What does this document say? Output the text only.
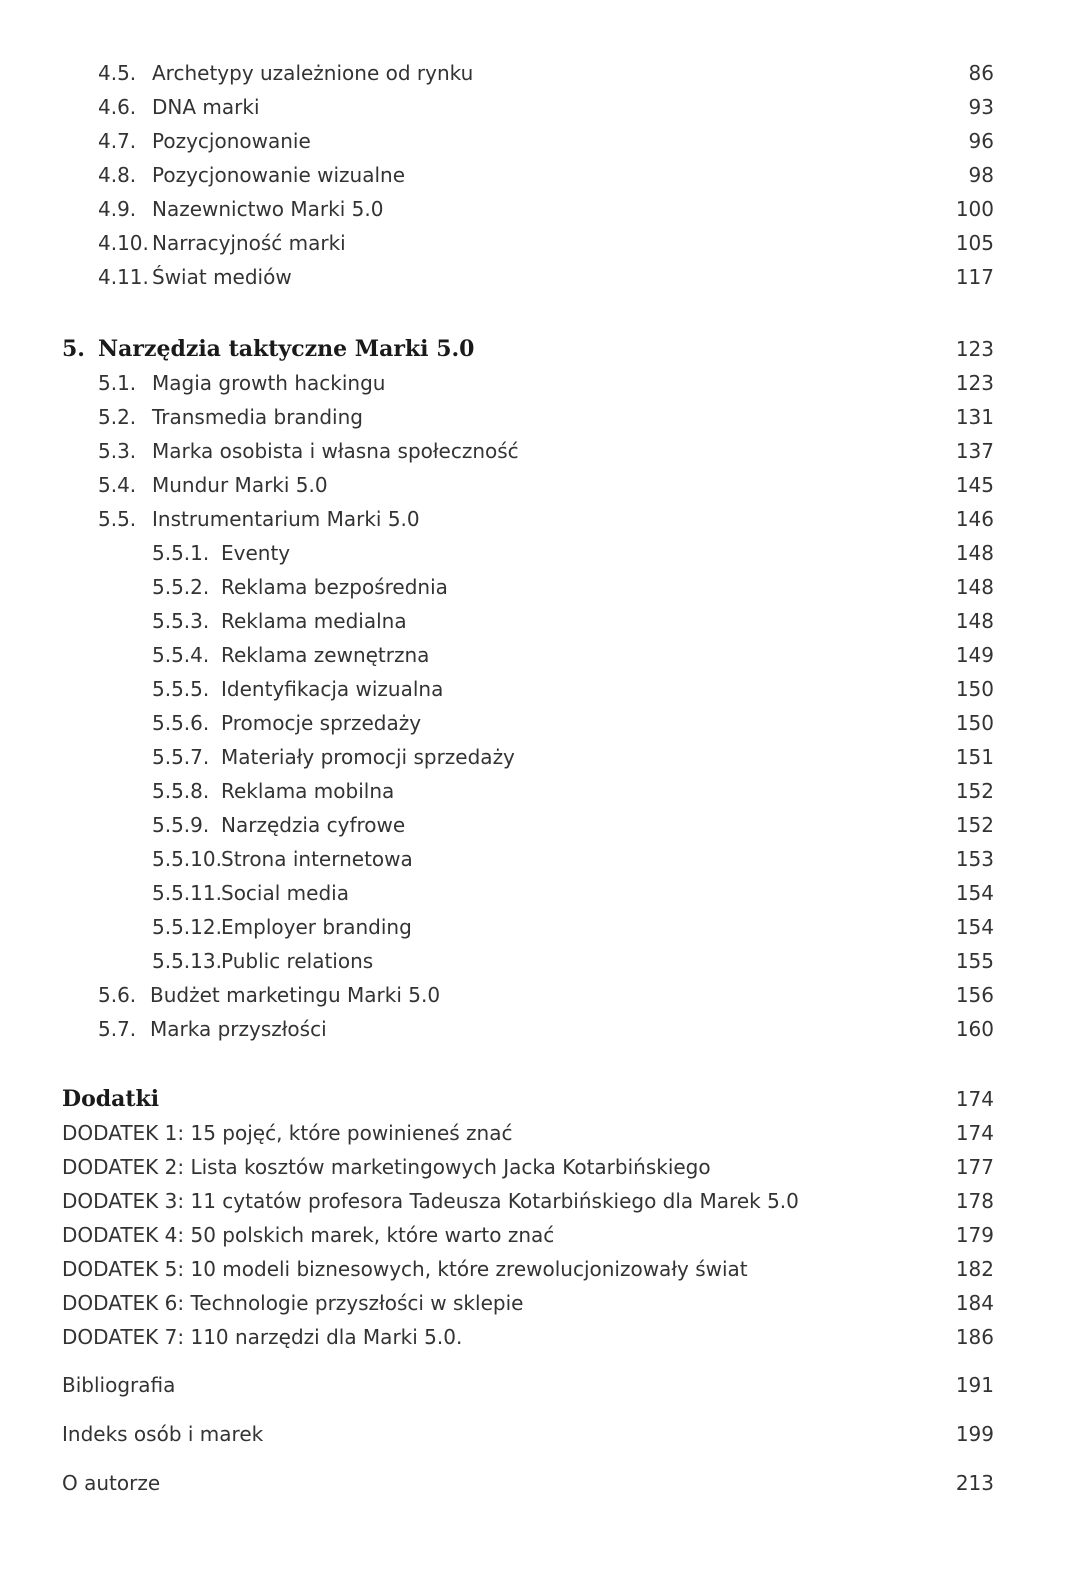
4.5. Archetypy uzależnione od rynku	86
4.6. DNA marki	93
4.7. Pozycjonowanie	96
4.8. Pozycjonowanie wizualne	98
4.9. Nazewnictwo Marki 5.0	100
4.10. Narracyjność marki	105
4.11. Świat mediów	117
5. Narzędzia taktyczne Marki 5.0	123
5.1. Magia growth hackingu	123
5.2. Transmedia branding	131
5.3. Marka osobista i własna społeczność	137
5.4. Mundur Marki 5.0	145
5.5. Instrumentarium Marki 5.0	146
5.5.1. Eventy	148
5.5.2. Reklama bezpośrednia	148
5.5.3. Reklama medialna	148
5.5.4. Reklama zewnętrzna	149
5.5.5. Identyfikacja wizualna	150
5.5.6. Promocje sprzedaży	150
5.5.7. Materiały promocji sprzedaży	151
5.5.8. Reklama mobilna	152
5.5.9. Narzędzia cyfrowe	152
5.5.10. Strona internetowa	153
5.5.11. Social media	154
5.5.12. Employer branding	154
5.5.13. Public relations	155
5.6. Budżet marketingu Marki 5.0	156
5.7. Marka przyszłości	160
Dodatki	174
DODATEK 1: 15 pojęć, które powinieneś znać	174
DODATEK 2: Lista kosztów marketingowych Jacka Kotarbińskiego	177
DODATEK 3: 11 cytatów profesora Tadeusza Kotarbińskiego dla Marek 5.0	178
DODATEK 4: 50 polskich marek, które warto znać	179
DODATEK 5: 10 modeli biznesowych, które zrewolucjonizowały świat	182
DODATEK 6: Technologie przyszłości w sklepie	184
DODATEK 7: 110 narzędzi dla Marki 5.0.	186
Bibliografia	191
Indeks osób i marek	199
O autorze	213
